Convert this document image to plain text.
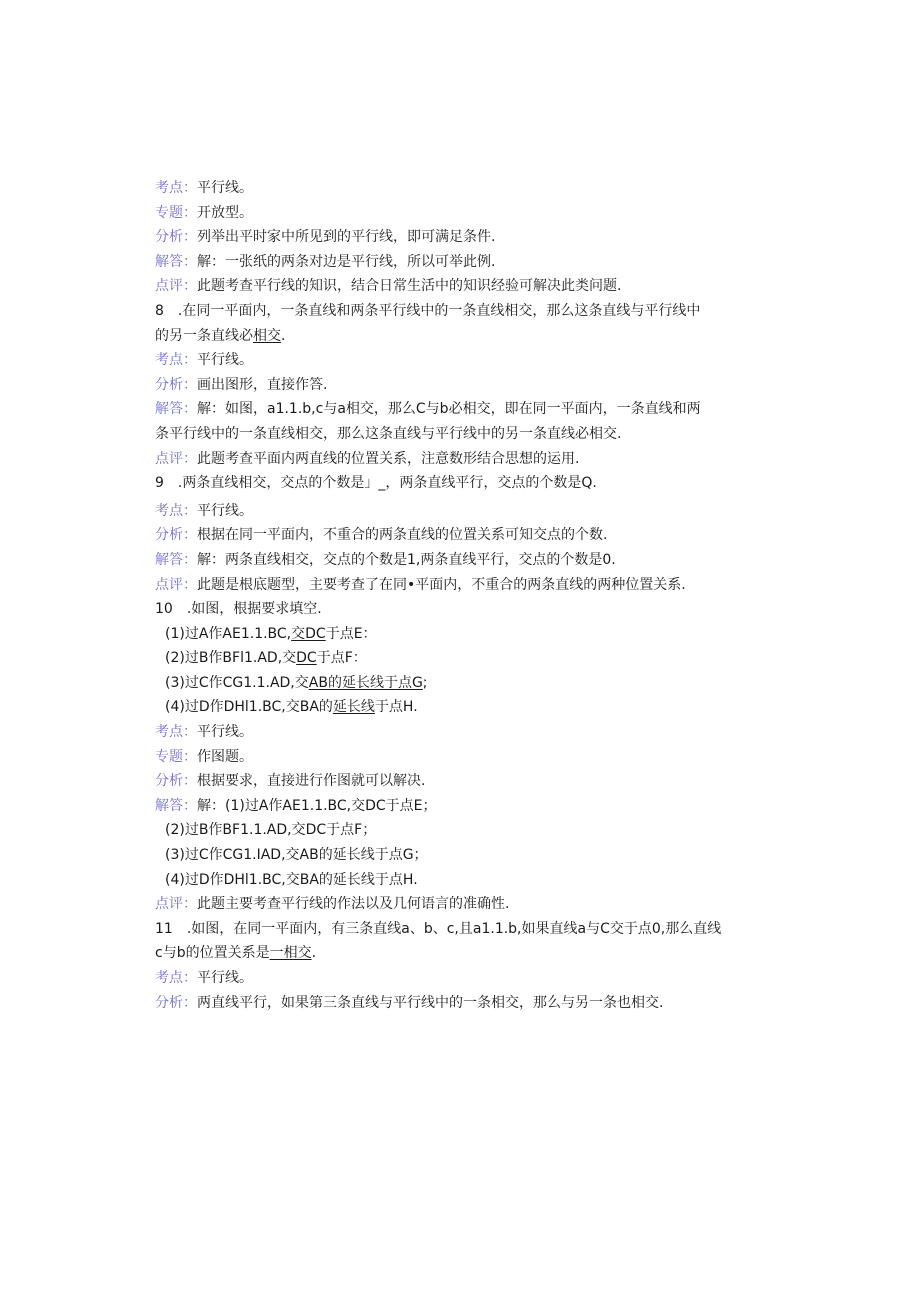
考点：平行线。
专题：开放型。
分析：列举出平时家中所见到的平行线，即可满足条件.
解答：解：一张纸的两条对边是平行线，所以可举此例.
点评：此题考查平行线的知识，结合日常生活中的知识经验可解决此类问题.
8　.在同一平面内，一条直线和两条平行线中的一条直线相交，那么这条直线与平行线中
的另一条直线必相交.
考点：平行线。
分析：画出图形，直接作答.
解答：解：如图，a1.1.b,c与a相交，那么C与b必相交，即在同一平面内，一条直线和两
条平行线中的一条直线相交，那么这条直线与平行线中的另一条直线必相交.
点评：此题考查平面内两直线的位置关系，注意数形结合思想的运用.
9　.两条直线相交，交点的个数是」_，两条直线平行，交点的个数是Q.
考点：平行线。
分析：根据在同一平面内，不重合的两条直线的位置关系可知交点的个数.
解答：解：两条直线相交，交点的个数是1,两条直线平行，交点的个数是0.
点评：此题是根底题型，主要考查了在同•平面内，不重合的两条直线的两种位置关系.
10　.如图，根据要求填空.
(1)过A作AE1.1.BC,交DC于点E：
(2)过B作BFl1.AD,交DC于点F：
(3)过C作CG1.1.AD,交AB的延长线于点G;
(4)过D作DHl1.BC,交BA的延长线于点H.
考点：平行线。
专题：作图题。
分析：根据要求，直接进行作图就可以解决.
解答：解：(1)过A作AE1.1.BC,交DC于点E；
(2)过B作BF1.1.AD,交DC于点F；
(3)过C作CG1.IAD,交AB的延长线于点G；
(4)过D作DHl1.BC,交BA的延长线于点H.
点评：此题主要考查平行线的作法以及几何语言的准确性.
11　.如图，在同一平面内，有三条直线a、b、c,且a1.1.b,如果直线a与C交于点0,那么直线
c与b的位置关系是一相交.
考点：平行线。
分析：两直线平行，如果第三条直线与平行线中的一条相交，那么与另一条也相交.
